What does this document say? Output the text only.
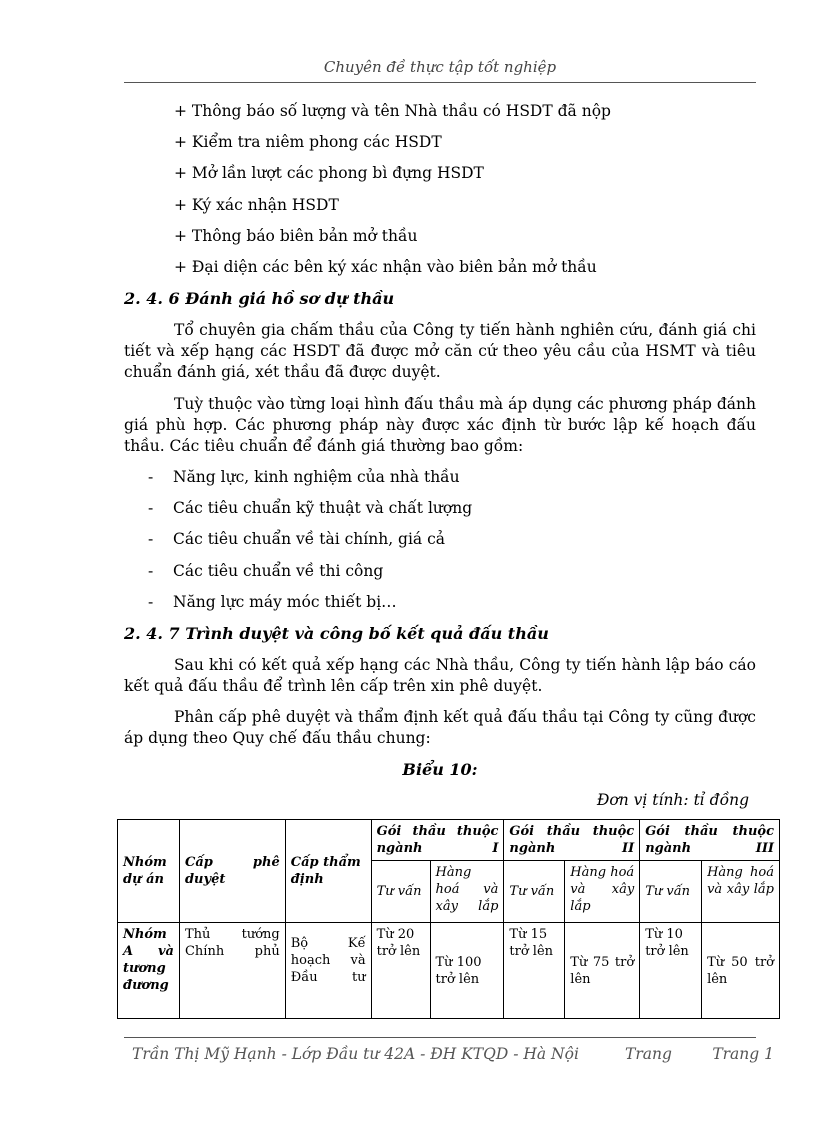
Chuyên đề thực tập tốt nghiệp
+ Thông báo số lượng và tên Nhà thầu có HSDT đã nộp
+ Kiểm tra niêm phong các HSDT
+ Mở lần lượt các phong bì đựng HSDT
+ Ký xác nhận HSDT
+ Thông báo biên bản mở thầu
+ Đại diện các bên ký xác nhận vào biên bản mở thầu
2. 4. 6 Đánh giá hồ sơ dự thầu

Tổ chuyên gia chấm thầu của Công ty tiến hành nghiên cứu, đánh giá chi tiết và xếp hạng các HSDT đã được mở căn cứ theo yêu cầu của HSMT và tiêu chuẩn đánh giá, xét thầu đã được duyệt.

Tuỳ thuộc vào từng loại hình đấu thầu mà áp dụng các phương pháp đánh giá phù hợp. Các phương pháp này được xác định từ bước lập kế hoạch đấu thầu. Các tiêu chuẩn để đánh giá thường bao gồm:

- Năng lực, kinh nghiệm của nhà thầu
- Các tiêu chuẩn kỹ thuật và chất lượng
- Các tiêu chuẩn về tài chính, giá cả
- Các tiêu chuẩn về thi công
- Năng lực máy móc thiết bị…
2. 4. 7 Trình duyệt và công bố kết quả đấu thầu

Sau khi có kết quả xếp hạng các Nhà thầu, Công ty tiến hành lập báo cáo kết quả đấu thầu để trình lên cấp trên xin phê duyệt.

Phân cấp phê duyệt và thẩm định kết quả đấu thầu tại Công ty cũng được áp dụng theo Quy chế đấu thầu chung:

Biểu 10:
Đơn vị tính: tỉ đồng
Nhóm dự án	Cấp phê duyệt	Cấp thẩm định	Gói thầu thuộc ngành I		Gói thầu thuộc ngành II		Gói thầu thuộc ngành III	
			Tư vấn	Hàng hoá và xây lắp	Tư vấn	Hàng hoá và xây lắp	Tư vấn	Hàng hoá và xây lắp
Nhóm A và tương đương	Thủ tướng Chính phủ	Bộ Kế hoạch và Đầu tư	Từ 20 trở lên	Từ 100 trở lên	Từ 15 trở lên	Từ 75 trở lên	Từ 10 trở lên	Từ 50 trở lên
Trần Thị Mỹ Hạnh - Lớp Đầu tư 42A - ĐH KTQD - Hà Nội	Trang	Trang 1
